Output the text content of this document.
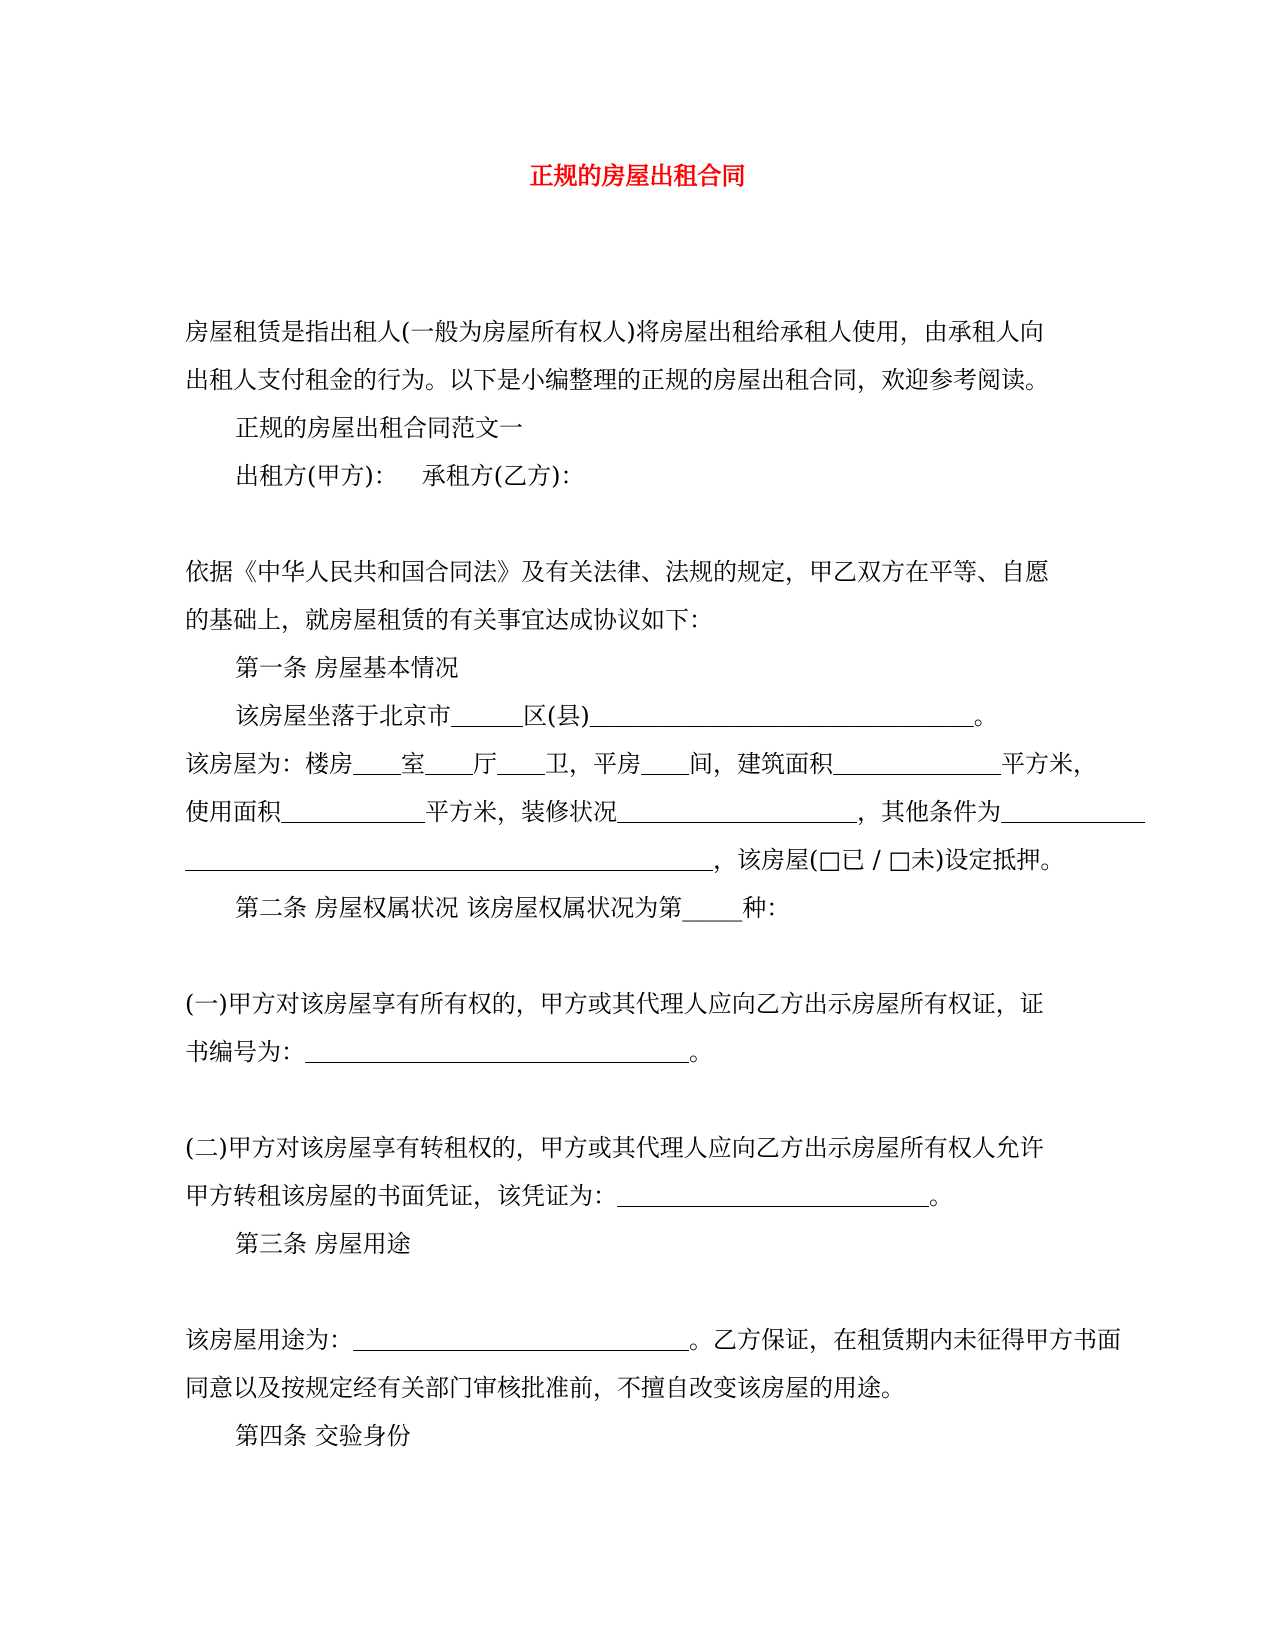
正规的房屋出租合同

房屋租赁是指出租人(一般为房屋所有权人)将房屋出租给承租人使用，由承租人向

出租人支付租金的行为。以下是小编整理的正规的房屋出租合同，欢迎参考阅读。

正规的房屋出租合同范文一

出租方(甲方)： 承租方(乙方)：

依据《中华人民共和国合同法》及有关法律、法规的规定，甲乙双方在平等、自愿

的基础上，就房屋租赁的有关事宜达成协议如下：

第一条 房屋基本情况

该房屋坐落于北京市＿＿＿区(县)＿＿＿＿＿＿＿＿＿＿＿＿＿＿＿＿。

该房屋为：楼房＿＿室＿＿厅＿＿卫，平房＿＿间，建筑面积＿＿＿＿＿＿＿平方米，

使用面积＿＿＿＿＿＿平方米，装修状况＿＿＿＿＿＿＿＿＿＿，其他条件为＿＿＿＿＿＿

＿＿＿＿＿＿＿＿＿＿＿＿＿＿＿＿＿＿＿＿＿＿，该房屋(□已 / □未)设定抵押。

第二条 房屋权属状况 该房屋权属状况为第_____种：

(一)甲方对该房屋享有所有权的，甲方或其代理人应向乙方出示房屋所有权证，证

书编号为：＿＿＿＿＿＿＿＿＿＿＿＿＿＿＿＿。

(二)甲方对该房屋享有转租权的，甲方或其代理人应向乙方出示房屋所有权人允许

甲方转租该房屋的书面凭证，该凭证为：＿＿＿＿＿＿＿＿＿＿＿＿＿。

第三条 房屋用途

该房屋用途为：＿＿＿＿＿＿＿＿＿＿＿＿＿＿。乙方保证，在租赁期内未征得甲方书面

同意以及按规定经有关部门审核批准前，不擅自改变该房屋的用途。

第四条 交验身份
